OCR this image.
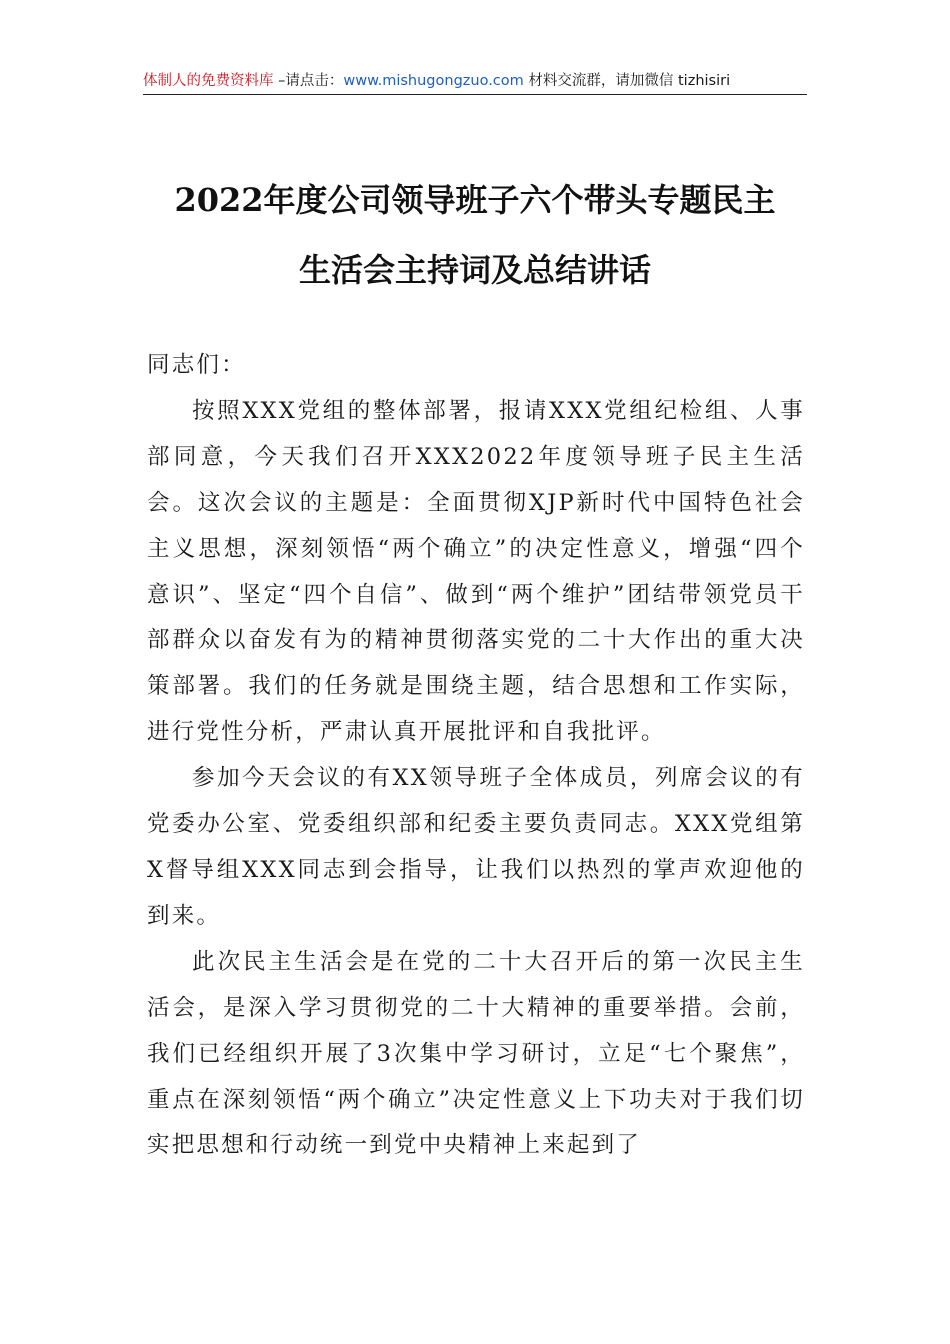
体制人的免费资料库 –请点击：www.mishugongzuo.com 材料交流群，请加微信 tizhisiri
2022年度公司领导班子六个带头专题民主
生活会主持词及总结讲话

同志们：

按照XXX党组的整体部署，报请XXX党组纪检组、人事部同意，今天我们召开XXX2022年度领导班子民主生活会。这次会议的主题是：全面贯彻XJP新时代中国特色社会主义思想，深刻领悟“两个确立”的决定性意义，增强“四个意识”、坚定“四个自信”、做到“两个维护”团结带领党员干部群众以奋发有为的精神贯彻落实党的二十大作出的重大决策部署。我们的任务就是围绕主题，结合思想和工作实际，进行党性分析，严肃认真开展批评和自我批评。

参加今天会议的有XX领导班子全体成员，列席会议的有党委办公室、党委组织部和纪委主要负责同志。XXX党组第X督导组XXX同志到会指导，让我们以热烈的掌声欢迎他的到来。

此次民主生活会是在党的二十大召开后的第一次民主生活会，是深入学习贯彻党的二十大精神的重要举措。会前，我们已经组织开展了3次集中学习研讨，立足“七个聚焦”，重点在深刻领悟“两个确立”决定性意义上下功夫对于我们切实把思想和行动统一到党中央精神上来起到了
